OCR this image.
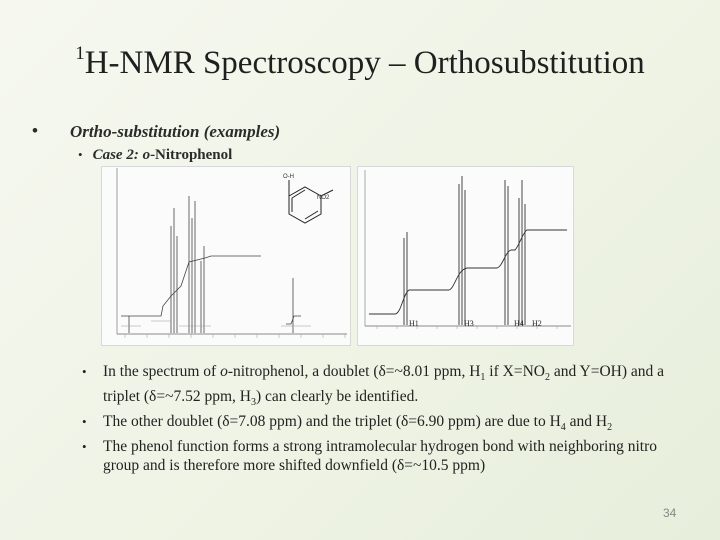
$^1$H-NMR Spectroscopy – Orthosubstitution
• Ortho-substitution (examples)
• Case 2: o-Nitrophenol
O-H
NO2
H1	H3	H4 H2
• In the spectrum of o-nitrophenol, a doublet (δ=~8.01 ppm, $H_1$ if $X=NO_2$ and Y=OH) and a triplet (δ=~7.52 ppm, $H_3$) can clearly be identified.
• The other doublet (δ=7.08 ppm) and the triplet (δ=6.90 ppm) are due to $H_4$ and $H_2$
• The phenol function forms a strong intramolecular hydrogen bond with neighboring nitro group and is therefore more shifted downfield (δ=~10.5 ppm)
34
